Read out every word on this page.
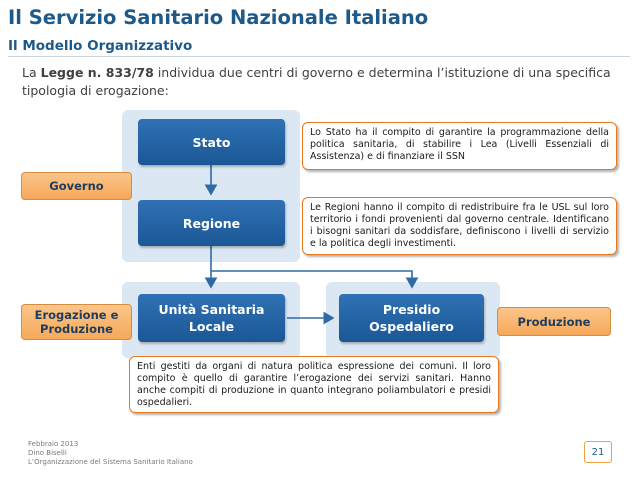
Il Servizio Sanitario Nazionale Italiano
Il Modello Organizzativo
La Legge n. 833/78 individua due centri di governo e determina l’istituzione di una specifica tipologia di erogazione:
Stato
Regione
Unità Sanitaria Locale
Presidio Ospedaliero
Governo
Erogazione e Produzione
Produzione
Lo Stato ha il compito di garantire la programmazione della politica sanitaria, di stabilire i Lea (Livelli Essenziali di Assistenza) e di finanziare il SSN
Le Regioni hanno il compito di redistribuire fra le USL sul loro territorio i fondi provenienti dal governo centrale. Identificano i bisogni sanitari da soddisfare, definiscono i livelli di servizio e la politica degli investimenti.
Enti gestiti da organi di natura politica espressione dei comuni. Il loro compito è quello di garantire l’erogazione dei servizi sanitari. Hanno anche compiti di produzione in quanto integrano poliambulatori e presidi ospedalieri.
Febbraio 2013
Dino Biselli
L’Organizzazione del Sistema Sanitario Italiano
21
